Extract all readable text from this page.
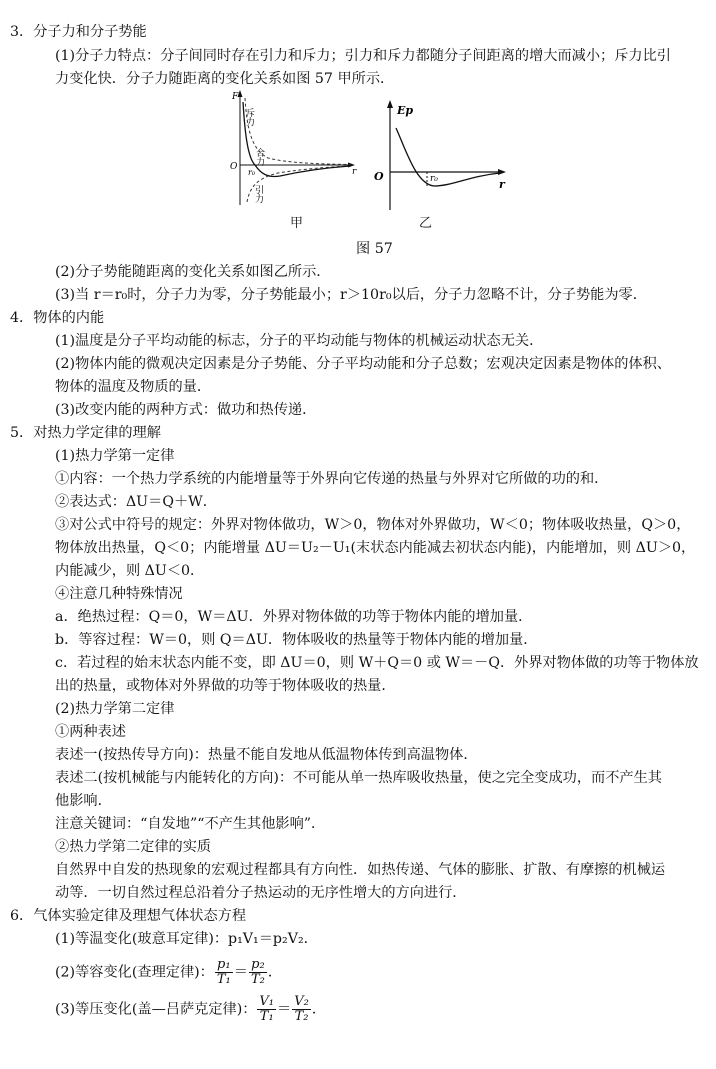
3．分子力和分子势能
(1)分子力特点：分子间同时存在引力和斥力；引力和斥力都随分子间距离的增大而减小；斥力比引
力变化快．分子力随距离的变化关系如图 57 甲所示．
F
r
O
r₀
斥力
合力
引力
甲
Ep
r
O	r₀
乙
图 57
(2)分子势能随距离的变化关系如图乙所示．
(3)当 r＝r₀时，分子力为零，分子势能最小；r＞10r₀以后，分子力忽略不计，分子势能为零．
4．物体的内能
(1)温度是分子平均动能的标志，分子的平均动能与物体的机械运动状态无关．
(2)物体内能的微观决定因素是分子势能、分子平均动能和分子总数；宏观决定因素是物体的体积、
物体的温度及物质的量．
(3)改变内能的两种方式：做功和热传递．
5．对热力学定律的理解
(1)热力学第一定律
①内容：一个热力学系统的内能增量等于外界向它传递的热量与外界对它所做的功的和．
②表达式：ΔU＝Q＋W．
③对公式中符号的规定：外界对物体做功，W＞0，物体对外界做功，W＜0；物体吸收热量，Q＞0，
物体放出热量，Q＜0；内能增量 ΔU＝U₂－U₁(末状态内能减去初状态内能)，内能增加，则 ΔU＞0，
内能减少，则 ΔU＜0．
④注意几种特殊情况
a．绝热过程：Q＝0，W＝ΔU．外界对物体做的功等于物体内能的增加量．
b．等容过程：W＝0，则 Q＝ΔU．物体吸收的热量等于物体内能的增加量．
c．若过程的始末状态内能不变，即 ΔU＝0，则 W＋Q＝0 或 W＝－Q．外界对物体做的功等于物体放
出的热量，或物体对外界做的功等于物体吸收的热量．
(2)热力学第二定律
①两种表述
表述一(按热传导方向)：热量不能自发地从低温物体传到高温物体．
表述二(按机械能与内能转化的方向)：不可能从单一热库吸收热量，使之完全变成功，而不产生其
他影响．
注意关键词：“自发地”“不产生其他影响”．
②热力学第二定律的实质
自然界中自发的热现象的宏观过程都具有方向性．如热传递、气体的膨胀、扩散、有摩擦的机械运
动等．一切自然过程总沿着分子热运动的无序性增大的方向进行．
6．气体实验定律及理想气体状态方程
(1)等温变化(玻意耳定律)：p₁V₁＝p₂V₂．
(2)等容变化(查理定律)： $\frac{\text{p₁}}{\text{T₁}} = \frac{\text{p₂}}{\text{T₂}}$ ．
(3)等压变化(盖—吕萨克定律)： $\frac{\text{V₁}}{\text{T₁}} = \frac{\text{V₂}}{\text{T₂}}$ ．
